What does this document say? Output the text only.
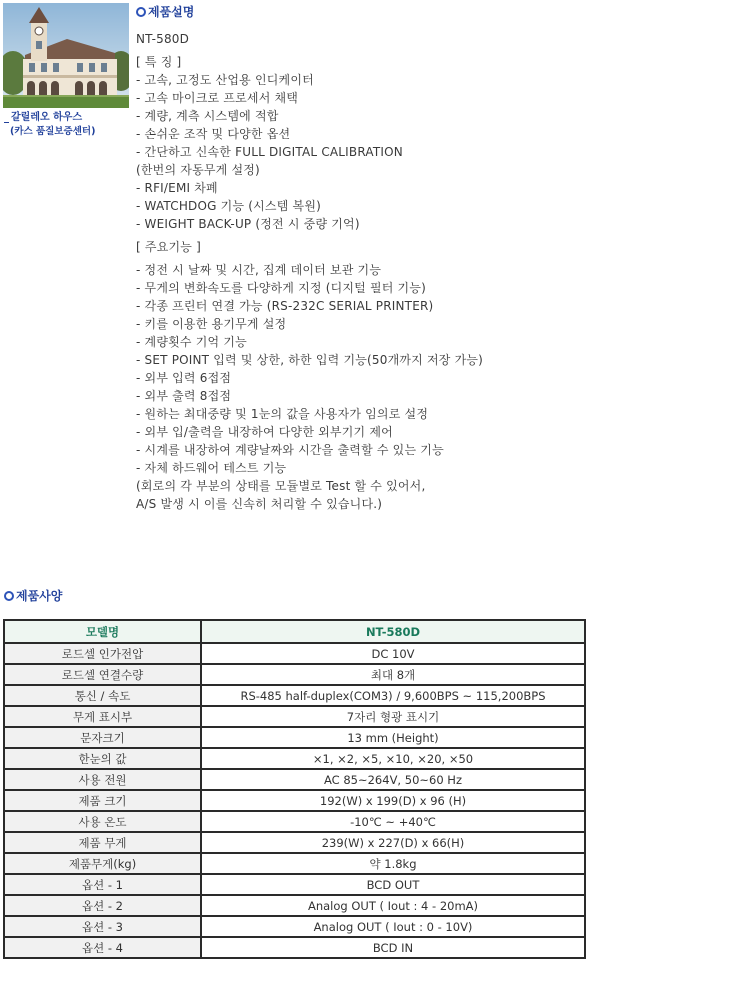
갈릴레오 하우스
(카스 품질보증센터)
제품설명
NT-580D
[ 특 징 ]
- 고속, 고정도 산업용 인디케이터
- 고속 마이크로 프로세서 채택
- 계량, 계측 시스템에 적합
- 손쉬운 조작 및 다양한 옵션
- 간단하고 신속한 FULL DIGITAL CALIBRATION
(한번의 자동무게 설정)
- RFI/EMI 차폐
- WATCHDOG 기능 (시스템 복원)
- WEIGHT BACK-UP (정전 시 중량 기억)
[ 주요기능 ]
- 정전 시 날짜 및 시간, 집계 데이터 보관 기능
- 무게의 변화속도를 다양하게 지정 (디지털 필터 기능)
- 각종 프린터 연결 가능 (RS-232C SERIAL PRINTER)
- 키를 이용한 용기무게 설정
- 계량횟수 기억 기능
- SET POINT 입력 및 상한, 하한 입력 기능(50개까지 저장 가능)
- 외부 입력 6접점
- 외부 출력 8접점
- 원하는 최대중량 및 1눈의 값을 사용자가 임의로 설정
- 외부 입/출력을 내장하여 다양한 외부기기 제어
- 시계를 내장하여 계량날짜와 시간을 출력할 수 있는 기능
- 자체 하드웨어 테스트 기능
(회로의 각 부분의 상태를 모듈별로 Test 할 수 있어서,
A/S 발생 시 이를 신속히 처리할 수 있습니다.)
제품사양
모델명	NT-580D
로드셀 인가전압	DC 10V
로드셀 연결수량	최대 8개
통신 / 속도	RS-485 half-duplex(COM3) / 9,600BPS ~ 115,200BPS
무게 표시부	7자리 형광 표시기
문자크기	13 mm (Height)
한눈의 값	×1, ×2, ×5, ×10, ×20, ×50
사용 전원	AC 85~264V, 50~60 Hz
제품 크기	192(W) x 199(D) x 96 (H)
사용 온도	-10℃ ~ +40℃
제품 무게	239(W) x 227(D) x 66(H)
제품무게(kg)	약 1.8kg
옵션 - 1	BCD OUT
옵션 - 2	Analog OUT ( Iout : 4 - 20mA)
옵션 - 3	Analog OUT ( Iout : 0 - 10V)
옵션 - 4	BCD IN
